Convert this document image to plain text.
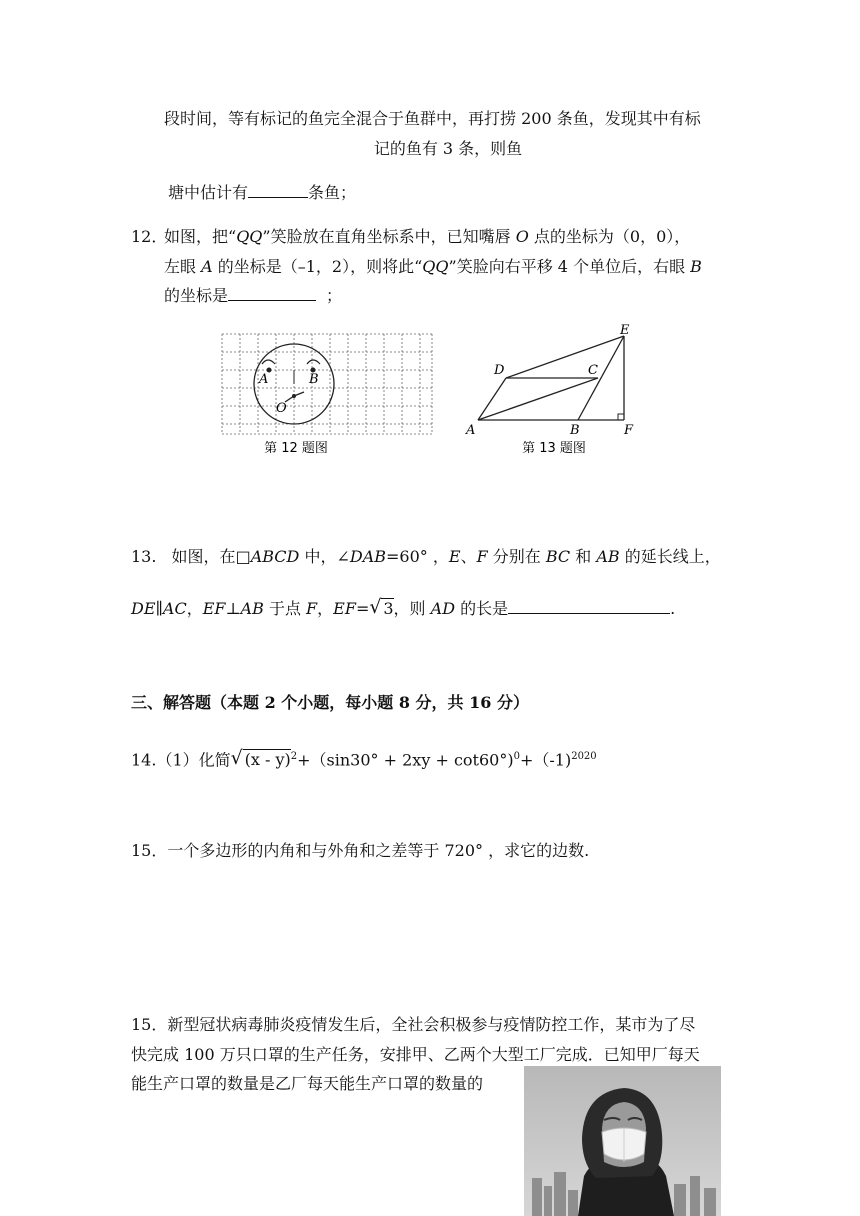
段时间，等有标记的鱼完全混合于鱼群中，再打捞 200 条鱼，发现其中有标
记的鱼有 3 条，则鱼
塘中估计有	条鱼；
12．
如图，把“QQ”笑脸放在直角坐标系中，已知嘴唇 O 点的坐标为（0，0），
左眼 A 的坐标是（–1，2），则将此“QQ”笑脸向右平移 4 个单位后，右眼 B
的坐标是	；
A	B
O
第 12 题图
A	B
C
D
E
F
第 13 题图
13. 如图，在□ABCD 中，∠DAB=60° ，E、F 分别在 BC 和 AB 的延长线上，
DE∥AC，EF⊥AB 于点 F，EF= √ 3，则 AD 的长是	.
三、解答题（本题 2 个小题，每小题 8 分，共 16 分）
14.（1）化简 √ (x - y)$^2$+（sin30° + 2xy + cot60°)$^0$+（-1)$^{2020}$
15．一个多边形的内角和与外角和之差等于 720° ，求它的边数.
15．新型冠状病毒肺炎疫情发生后，全社会积极参与疫情防控工作，某市为了尽
快完成 100 万只口罩的生产任务，安排甲、乙两个大型工厂完成．已知甲厂每天
能生产口罩的数量是乙厂每天能生产口罩的数量的
